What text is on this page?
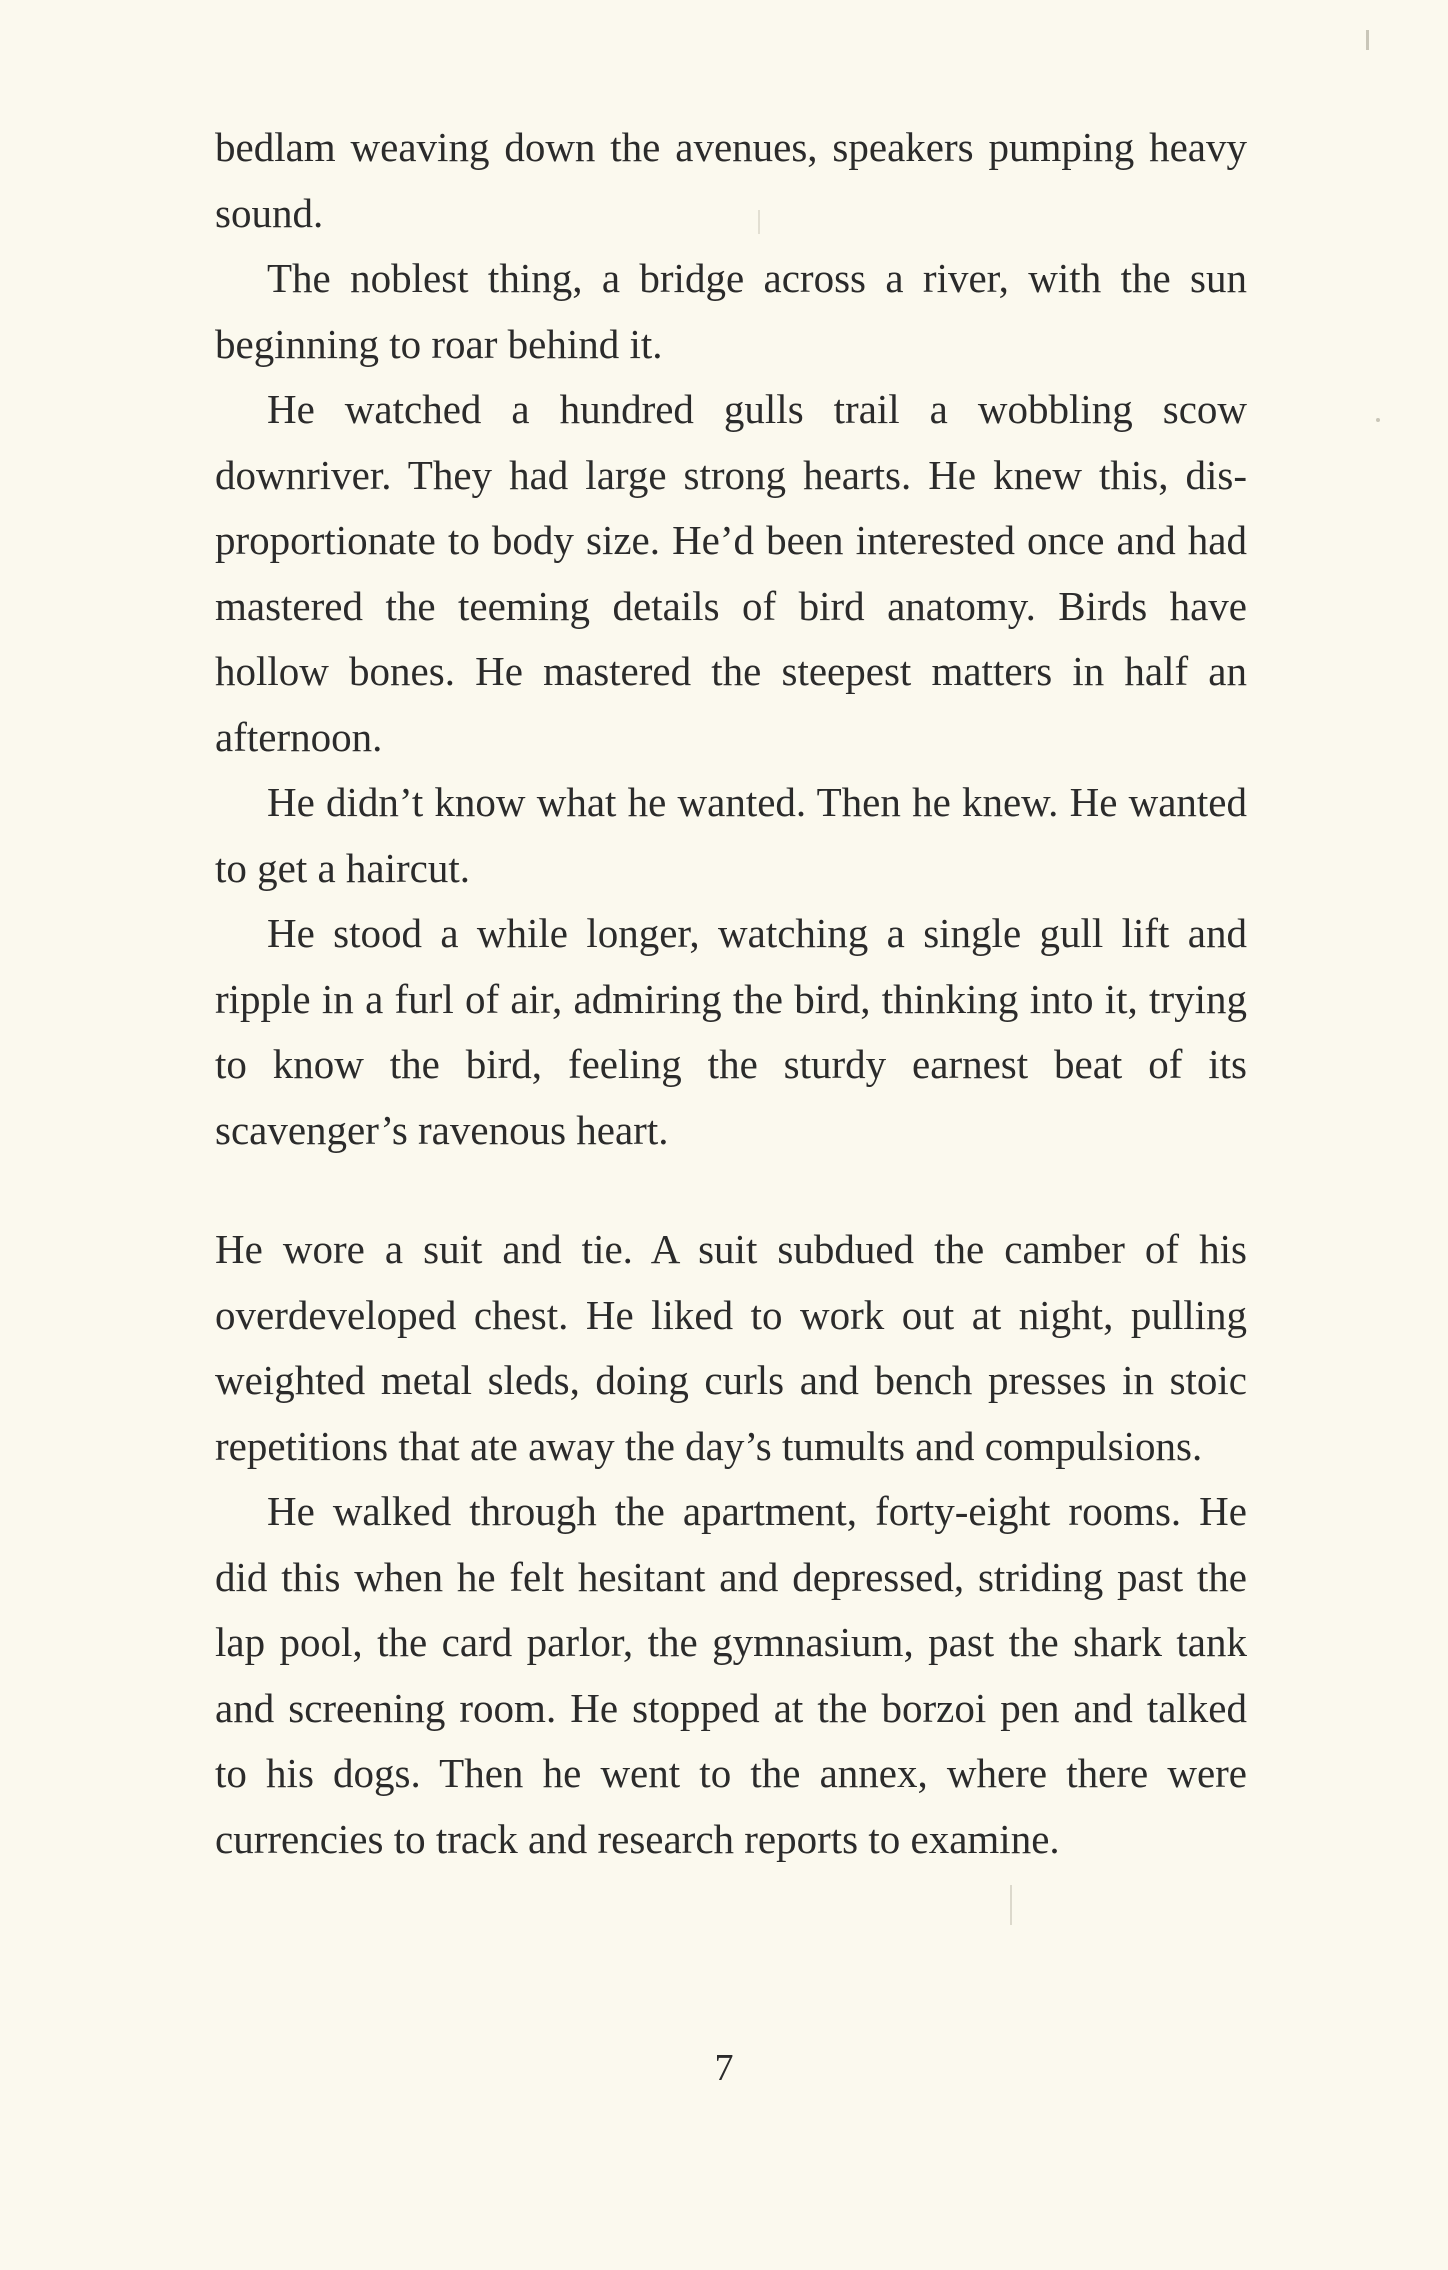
bedlam weaving down the avenues, speakers pumping heavy sound.

The noblest thing, a bridge across a river, with the sun beginning to roar behind it.

He watched a hundred gulls trail a wobbling scow downriver. They had large strong hearts. He knew this, disproportionate to body size. He’d been interested once and had mastered the teeming details of bird anatomy. Birds have hollow bones. He mastered the steepest matters in half an afternoon.

He didn’t know what he wanted. Then he knew. He wanted to get a haircut.

He stood a while longer, watching a single gull lift and ripple in a furl of air, admiring the bird, thinking into it, trying to know the bird, feeling the sturdy earnest beat of its scavenger’s ravenous heart.

He wore a suit and tie. A suit subdued the camber of his overdeveloped chest. He liked to work out at night, pulling weighted metal sleds, doing curls and bench presses in stoic repetitions that ate away the day’s tumults and compulsions.

He walked through the apartment, forty-eight rooms. He did this when he felt hesitant and depressed, striding past the lap pool, the card parlor, the gymnasium, past the shark tank and screening room. He stopped at the borzoi pen and talked to his dogs. Then he went to the annex, where there were currencies to track and research reports to examine.

7
